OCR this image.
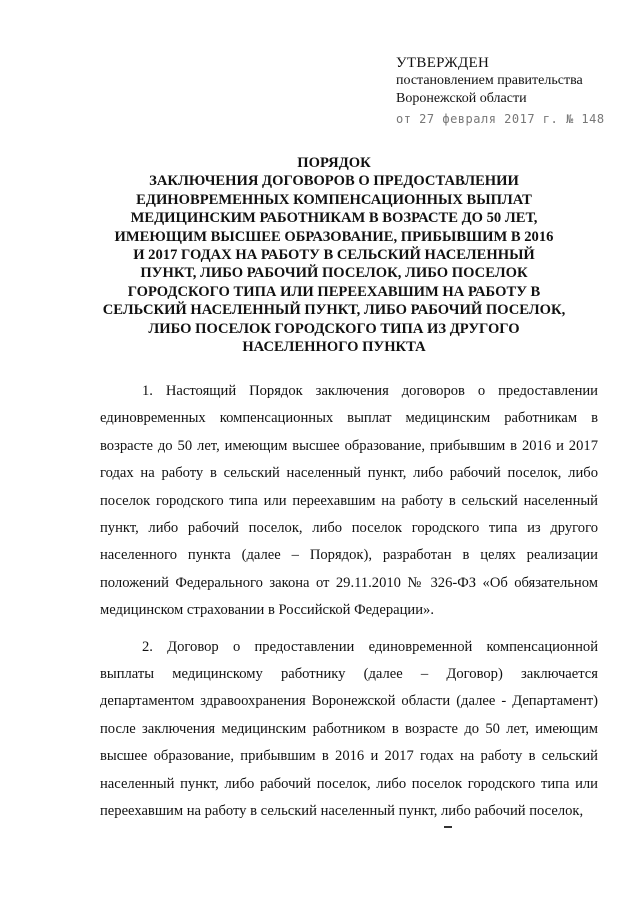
УТВЕРЖДЕН
постановлением правительства
Воронежской области
от 27 февраля 2017 г. № 148
ПОРЯДОК
ЗАКЛЮЧЕНИЯ ДОГОВОРОВ О ПРЕДОСТАВЛЕНИИ
ЕДИНОВРЕМЕННЫХ КОМПЕНСАЦИОННЫХ ВЫПЛАТ
МЕДИЦИНСКИМ РАБОТНИКАМ В ВОЗРАСТЕ ДО 50 ЛЕТ,
ИМЕЮЩИМ ВЫСШЕЕ ОБРАЗОВАНИЕ, ПРИБЫВШИМ В 2016
И 2017 ГОДАХ НА РАБОТУ В СЕЛЬСКИЙ НАСЕЛЕННЫЙ
ПУНКТ, ЛИБО РАБОЧИЙ ПОСЕЛОК, ЛИБО ПОСЕЛОК
ГОРОДСКОГО ТИПА ИЛИ ПЕРЕЕХАВШИМ НА РАБОТУ В
СЕЛЬСКИЙ НАСЕЛЕННЫЙ ПУНКТ, ЛИБО РАБОЧИЙ ПОСЕЛОК,
ЛИБО ПОСЕЛОК ГОРОДСКОГО ТИПА ИЗ ДРУГОГО
НАСЕЛЕННОГО ПУНКТА

1. Настоящий Порядок заключения договоров о предоставлении единовременных компенсационных выплат медицинским работникам в возрасте до 50 лет, имеющим высшее образование, прибывшим в 2016 и 2017 годах на работу в сельский населенный пункт, либо рабочий поселок, либо поселок городского типа или переехавшим на работу в сельский населенный пункт, либо рабочий поселок, либо поселок городского типа из другого населенного пункта (далее – Порядок), разработан в целях реализации положений Федерального закона от 29.11.2010 № 326-ФЗ «Об обязательном медицинском страховании в Российской Федерации».

2. Договор о предоставлении единовременной компенсационной выплаты медицинскому работнику (далее – Договор) заключается департаментом здравоохранения Воронежской области (далее - Департамент) после заключения медицинским работником в возрасте до 50 лет, имеющим высшее образование, прибывшим в 2016 и 2017 годах на работу в сельский населенный пункт, либо рабочий поселок, либо поселок городского типа или переехавшим на работу в сельский населенный пункт, либо рабочий поселок,
